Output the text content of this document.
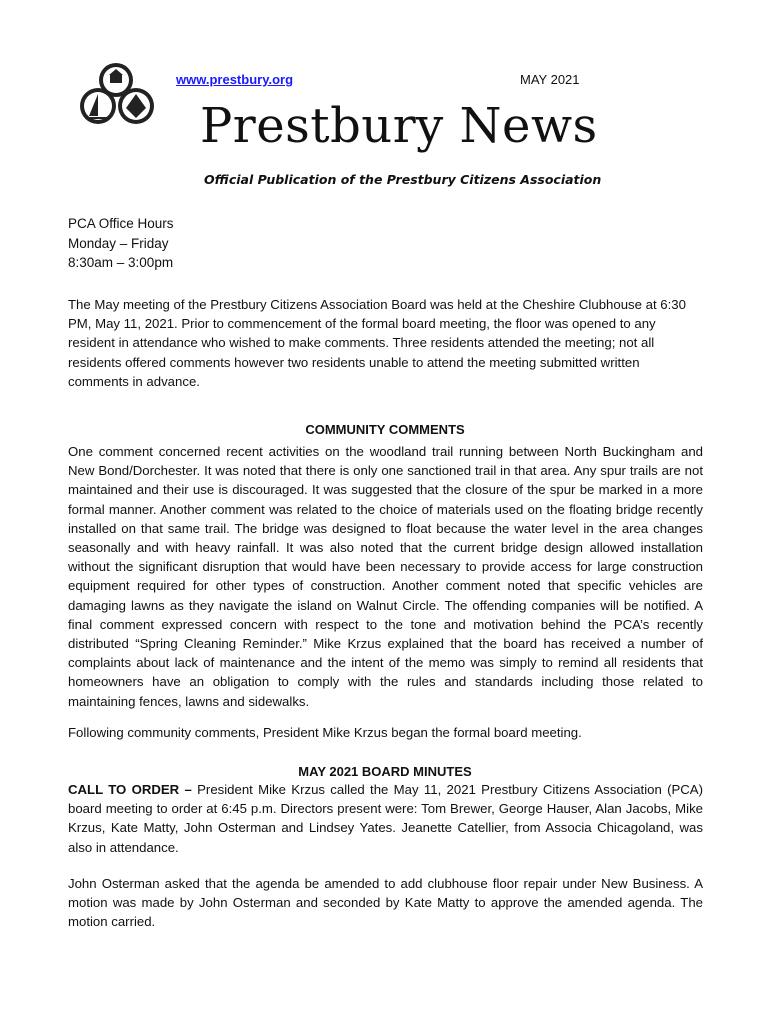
www.prestbury.org	MAY 2021
Prestbury News
Official Publication of the Prestbury Citizens Association
PCA Office Hours
Monday – Friday
8:30am – 3:00pm
The May meeting of the Prestbury Citizens Association Board was held at the Cheshire Clubhouse at 6:30 PM, May 11, 2021. Prior to commencement of the formal board meeting, the floor was opened to any resident in attendance who wished to make comments. Three residents attended the meeting; not all residents offered comments however two residents unable to attend the meeting submitted written comments in advance.
COMMUNITY COMMENTS
One comment concerned recent activities on the woodland trail running between North Buckingham and New Bond/Dorchester. It was noted that there is only one sanctioned trail in that area. Any spur trails are not maintained and their use is discouraged. It was suggested that the closure of the spur be marked in a more formal manner. Another comment was related to the choice of materials used on the floating bridge recently installed on that same trail. The bridge was designed to float because the water level in the area changes seasonally and with heavy rainfall. It was also noted that the current bridge design allowed installation without the significant disruption that would have been necessary to provide access for large construction equipment required for other types of construction. Another comment noted that specific vehicles are damaging lawns as they navigate the island on Walnut Circle. The offending companies will be notified. A final comment expressed concern with respect to the tone and motivation behind the PCA’s recently distributed “Spring Cleaning Reminder.” Mike Krzus explained that the board has received a number of complaints about lack of maintenance and the intent of the memo was simply to remind all residents that homeowners have an obligation to comply with the rules and standards including those related to maintaining fences, lawns and sidewalks.
Following community comments, President Mike Krzus began the formal board meeting.
MAY 2021 BOARD MINUTES
CALL TO ORDER – President Mike Krzus called the May 11, 2021 Prestbury Citizens Association (PCA) board meeting to order at 6:45 p.m. Directors present were: Tom Brewer, George Hauser, Alan Jacobs, Mike Krzus, Kate Matty, John Osterman and Lindsey Yates. Jeanette Catellier, from Associa Chicagoland, was also in attendance.
John Osterman asked that the agenda be amended to add clubhouse floor repair under New Business. A motion was made by John Osterman and seconded by Kate Matty to approve the amended agenda. The motion carried.
